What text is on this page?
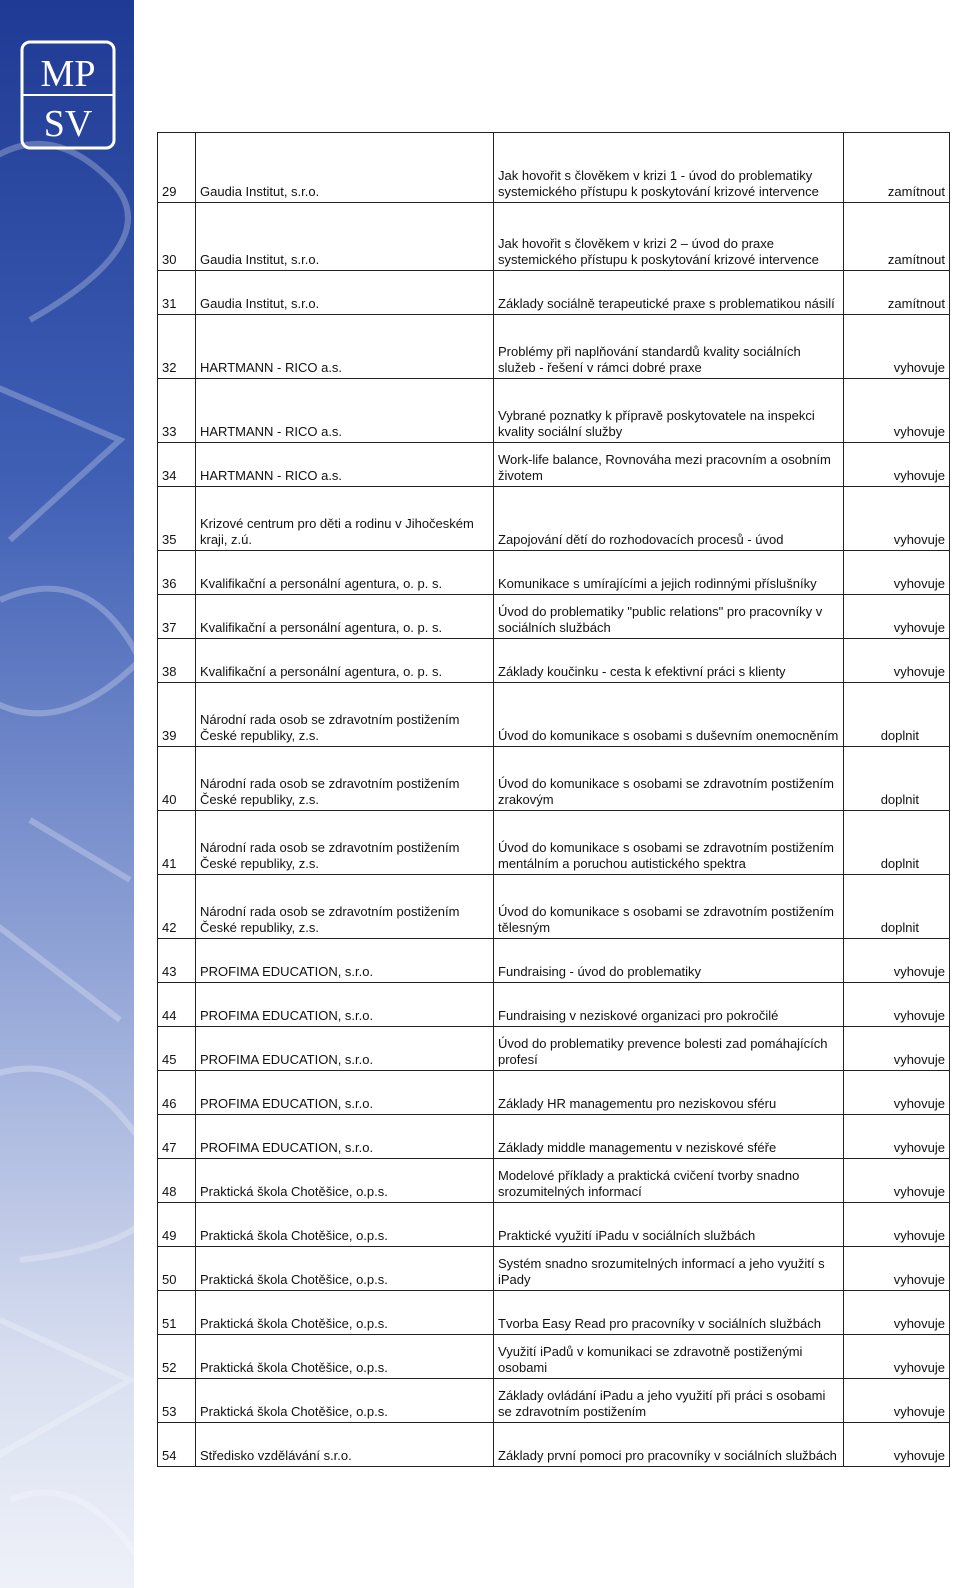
MP
SV
29	Gaudia Institut, s.r.o.	Jak hovořit s člověkem v krizi 1 - úvod do problematiky systemického přístupu k poskytování krizové intervence	zamítnout
30	Gaudia Institut, s.r.o.	Jak hovořit s člověkem v krizi 2 – úvod do praxe systemického přístupu k poskytování krizové intervence	zamítnout
31	Gaudia Institut, s.r.o.	Základy sociálně terapeutické praxe s problematikou násilí	zamítnout
32	HARTMANN - RICO a.s.	Problémy při naplňování standardů kvality sociálních služeb - řešení v rámci dobré praxe	vyhovuje
33	HARTMANN - RICO a.s.	Vybrané poznatky k přípravě poskytovatele na inspekci kvality sociální služby	vyhovuje
34	HARTMANN - RICO a.s.	Work-life balance, Rovnováha mezi pracovním a osobním životem	vyhovuje
35	Krizové centrum pro děti a rodinu v Jihočeském kraji, z.ú.	Zapojování dětí do rozhodovacích procesů - úvod	vyhovuje
36	Kvalifikační a personální agentura, o. p. s.	Komunikace s umírajícími a jejich rodinnými příslušníky	vyhovuje
37	Kvalifikační a personální agentura, o. p. s.	Úvod do problematiky "public relations" pro pracovníky v sociálních službách	vyhovuje
38	Kvalifikační a personální agentura, o. p. s.	Základy koučinku - cesta k efektivní práci s klienty	vyhovuje
39	Národní rada osob se zdravotním postižením České republiky, z.s.	Úvod do komunikace s osobami s duševním onemocněním	doplnit
40	Národní rada osob se zdravotním postižením České republiky, z.s.	Úvod do komunikace s osobami se zdravotním postižením zrakovým	doplnit
41	Národní rada osob se zdravotním postižením České republiky, z.s.	Úvod do komunikace s osobami se zdravotním postižením mentálním a poruchou autistického spektra	doplnit
42	Národní rada osob se zdravotním postižením České republiky, z.s.	Úvod do komunikace s osobami se zdravotním postižením tělesným	doplnit
43	PROFIMA EDUCATION, s.r.o.	Fundraising - úvod do problematiky	vyhovuje
44	PROFIMA EDUCATION, s.r.o.	Fundraising v neziskové organizaci pro pokročilé	vyhovuje
45	PROFIMA EDUCATION, s.r.o.	Úvod do problematiky prevence bolesti zad pomáhajících profesí	vyhovuje
46	PROFIMA EDUCATION, s.r.o.	Základy HR managementu pro neziskovou sféru	vyhovuje
47	PROFIMA EDUCATION, s.r.o.	Základy middle managementu v neziskové sféře	vyhovuje
48	Praktická škola Chotěšice, o.p.s.	Modelové příklady a praktická cvičení tvorby snadno srozumitelných informací	vyhovuje
49	Praktická škola Chotěšice, o.p.s.	Praktické využití iPadu v sociálních službách	vyhovuje
50	Praktická škola Chotěšice, o.p.s.	Systém snadno srozumitelných informací a jeho využití s iPady	vyhovuje
51	Praktická škola Chotěšice, o.p.s.	Tvorba Easy Read pro pracovníky v sociálních službách	vyhovuje
52	Praktická škola Chotěšice, o.p.s.	Využití iPadů v komunikaci se zdravotně postiženými osobami	vyhovuje
53	Praktická škola Chotěšice, o.p.s.	Základy ovládání iPadu a jeho využití při práci s osobami se zdravotním postižením	vyhovuje
54	Středisko vzdělávání s.r.o.	Základy první pomoci pro pracovníky v sociálních službách	vyhovuje
